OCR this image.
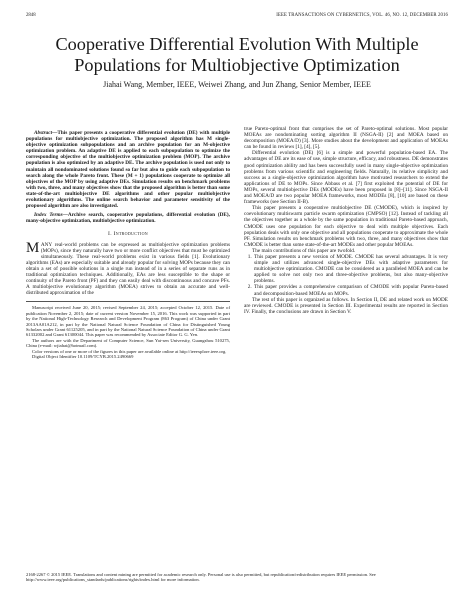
2848	IEEE TRANSACTIONS ON CYBERNETICS, VOL. 46, NO. 12, DECEMBER 2016
Cooperative Differential Evolution With Multiple Populations for Multiobjective Optimization
Jiahai Wang, Member, IEEE, Weiwei Zhang, and Jun Zhang, Senior Member, IEEE

Abstract—This paper presents a cooperative differential evolution (DE) with multiple populations for multiobjective optimization. The proposed algorithm has M single-objective optimization subpopulations and an archive population for an M-objective optimization problem. An adaptive DE is applied to each subpopulation to optimize the corresponding objective of the multiobjective optimization problem (MOP). The archive population is also optimized by an adaptive DE. The archive population is used not only to maintain all nondominated solutions found so far but also to guide each subpopulation to search along the whole Pareto front. These (M + 1) populations cooperate to optimize all objectives of the MOP by using adaptive DEs. Simulation results on benchmark problems with two, three, and many objectives show that the proposed algorithm is better than some state-of-the-art multiobjective DE algorithms and other popular multiobjective evolutionary algorithms. The online search behavior and parameter sensitivity of the proposed algorithm are also investigated.

Index Terms—Archive search, cooperative populations, differential evolution (DE), many-objective optimization, multiobjective optimization.

I. Introduction

MANY real-world problems can be expressed as multiobjective optimization problems (MOPs), since they naturally have two or more conflict objectives that must be optimized simultaneously. These real-world problems exist in various fields [1]. Evolutionary algorithms (EAs) are especially suitable and already popular for solving MOPs because they can obtain a set of possible solutions in a single run instead of in a series of separate runs as in traditional optimization techniques. Additionally, EAs are less susceptible to the shape or continuity of the Pareto front (PF) and they can easily deal with discontinuous and concave PFs. A multiobjective evolutionary algorithm (MOEA) strives to obtain an accurate and well-distributed approximation of the

Manuscript received June 20, 2015; revised September 24, 2015; accepted October 12, 2015. Date of publication November 2, 2015; date of current version November 15, 2016. This work was supported in part by the National High-Technology Research and Development Program (863 Program) of China under Grant 2013AA01A212, in part by the National Natural Science Foundation of China for Distinguished Young Scholars under Grant 61125205, and in part by the National Natural Science Foundation of China under Grant 61332002 and Grant 61300044. This paper was recommended by Associate Editor G. G. Yen.

The authors are with the Department of Computer Science, Sun Yat-sen University, Guangzhou 510275, China (e-mail: wjiahai@hotmail.com).

Color versions of one or more of the figures in this paper are available online at http://ieeexplore.ieee.org.

Digital Object Identifier 10.1109/TCYB.2015.2490669

true Pareto-optimal front that comprises the set of Pareto-optimal solutions. Most popular MOEAs are nondominating sorting algorithm II (NSGA-II) [2] and MOEA based on decomposition (MOEA/D) [3]. More studies about the development and application of MOEAs can be found in reviews [1], [4], [5].

Differential evolution (DE) [6] is a simple and powerful population-based EA. The advantages of DE are its ease of use, simple structure, efficacy, and robustness. DE demonstrates good optimization ability and has been successfully used in many single-objective optimization problems from various scientific and engineering fields. Naturally, its relative simplicity and success as a single-objective optimization algorithm have motivated researchers to extend the applications of DE to MOPs. Since Abbass et al. [7] first exploited the potential of DE for MOPs, several multiobjective DEs (MODEs) have been proposed in [8]–[11]. Since NSGA-II and MOEA/D are two popular MOEA frameworks, most MODEs [8], [10] are based on these frameworks (see Section II-B).

This paper presents a cooperative multiobjective DE (CMODE), which is inspired by coevolutionary multiswarm particle swarm optimization (CMPSO) [12]. Instead of tackling all the objectives together as a whole by the same population in traditional Pareto-based approach, CMODE uses one population for each objective to deal with multiple objectives. Each population deals with only one objective and all populations cooperate to approximate the whole PF. Simulation results on benchmark problems with two, three, and many objectives show that CMODE is better than some state-of-the-art MODEs and other popular MOEAs.

The main contributions of this paper are twofold.

1. This paper presents a new version of MODE. CMODE has several advantages. It is very simple and utilizes advanced single-objective DEs with adaptive parameters for multiobjective optimization. CMODE can be considered as a paralleled MOEA and can be applied to solve not only two and three-objective problems, but also many-objective problems.
2. This paper provides a comprehensive comparison of CMODE with popular Pareto-based and decomposition-based MOEAs on MOPs.

The rest of this paper is organized as follows. In Section II, DE and related work on MODE are reviewed. CMODE is presented in Section III. Experimental results are reported in Section IV. Finally, the conclusions are drawn in Section V.

2168-2267 © 2015 IEEE. Translations and content mining are permitted for academic research only. Personal use is also permitted, but republication/redistribution requires IEEE permission. See http://www.ieee.org/publications_standards/publications/rights/index.html for more information.
